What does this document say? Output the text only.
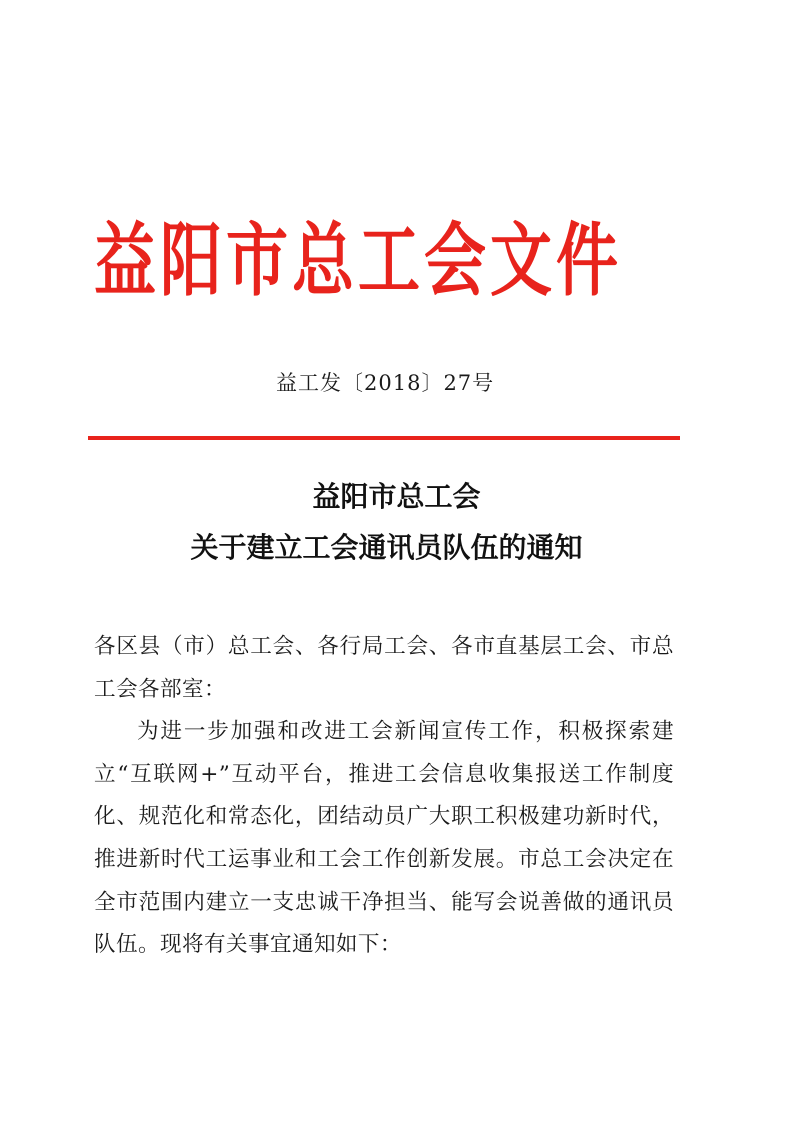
益阳市总工会文件
益工发〔2018〕27号
益阳市总工会
关于建立工会通讯员队伍的通知

各区县（市）总工会、各行局工会、各市直基层工会、市总工会各部室：

为进一步加强和改进工会新闻宣传工作，积极探索建立“互联网+”互动平台，推进工会信息收集报送工作制度化、规范化和常态化，团结动员广大职工积极建功新时代，推进新时代工运事业和工会工作创新发展。市总工会决定在全市范围内建立一支忠诚干净担当、能写会说善做的通讯员队伍。现将有关事宜通知如下：
